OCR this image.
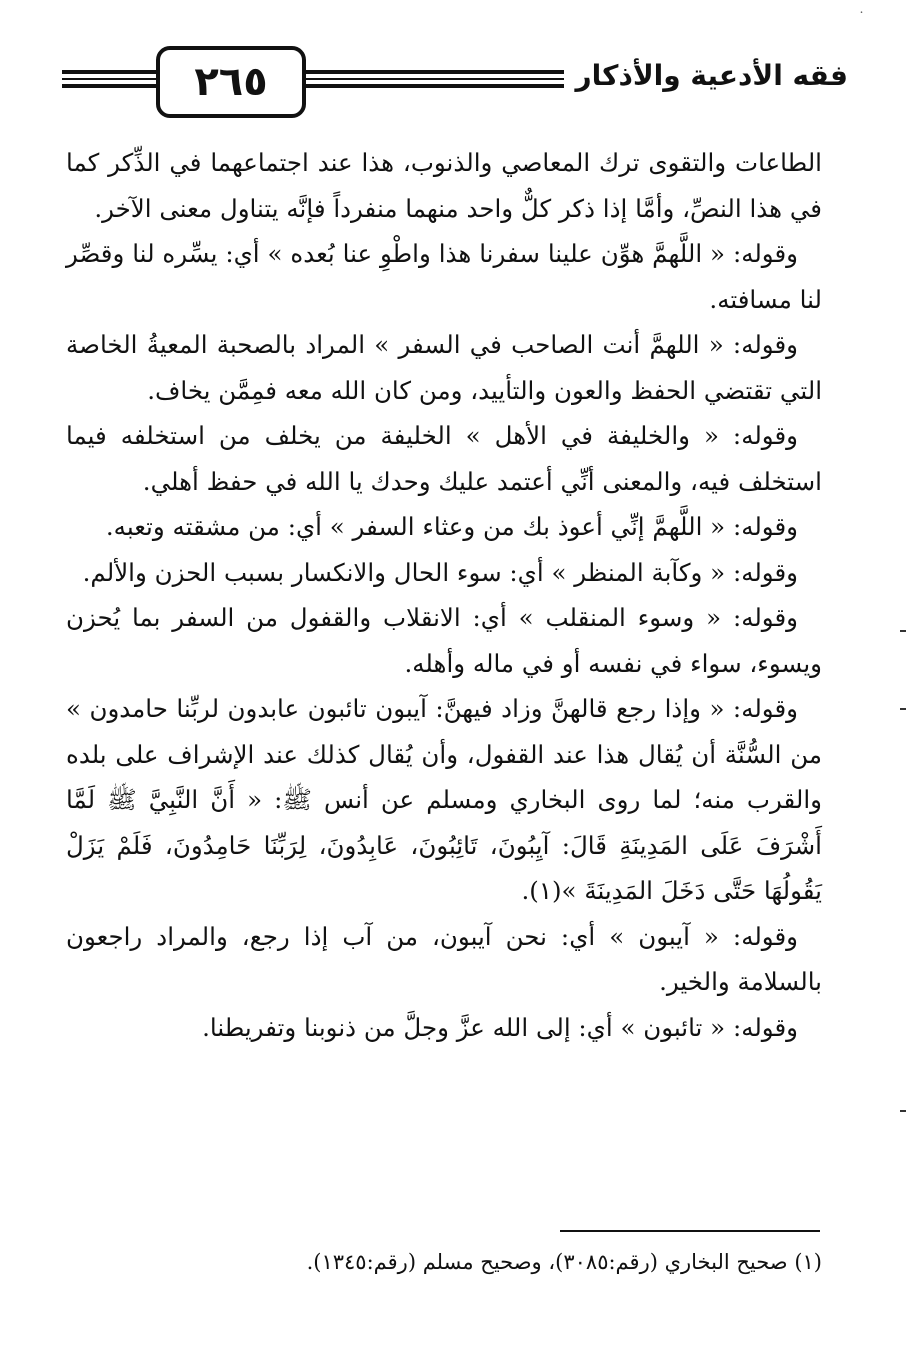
˙
فقه الأدعية والأذكار
٢٦٥

الطاعات والتقوى ترك المعاصي والذنوب، هذا عند اجتماعهما في الذِّكر كما في هذا النصِّ، وأمَّا إذا ذكر كلٌّ واحد منهما منفرداً فإنَّه يتناول معنى الآخر.

وقوله: « اللَّهمَّ هوِّن علينا سفرنا هذا واطْوِ عنا بُعده » أي: يسِّره لنا وقصِّر لنا مسافته.

وقوله: « اللهمَّ أنت الصاحب في السفر » المراد بالصحبة المعيةُ الخاصة التي تقتضي الحفظ والعون والتأييد، ومن كان الله معه فمِمَّن يخاف.

وقوله: « والخليفة في الأهل » الخليفة من يخلف من استخلفه فيما استخلف فيه، والمعنى أنِّي أعتمد عليك وحدك يا الله في حفظ أهلي.

وقوله: « اللَّهمَّ إنِّي أعوذ بك من وعثاء السفر » أي: من مشقته وتعبه.

وقوله: « وكآبة المنظر » أي: سوء الحال والانكسار بسبب الحزن والألم.

وقوله: « وسوء المنقلب » أي: الانقلاب والقفول من السفر بما يُحزن ويسوء، سواء في نفسه أو في ماله وأهله.

وقوله: « وإذا رجع قالهنَّ وزاد فيهنَّ: آيبون تائبون عابدون لربِّنا حامدون » من السُّنَّة أن يُقال هذا عند القفول، وأن يُقال كذلك عند الإشراف على بلده والقرب منه؛ لما روى البخاري ومسلم عن أنس ﷺ: « أَنَّ النَّبِيَّ ﷺ لَمَّا أَشْرَفَ عَلَى المَدِينَةِ قَالَ: آيِبُونَ، تَائِبُونَ، عَابِدُونَ، لِرَبِّنَا حَامِدُونَ، فَلَمْ يَزَلْ يَقُولُهَا حَتَّى دَخَلَ المَدِينَةَ »(١).

وقوله: « آيبون » أي: نحن آيبون، من آب إذا رجع، والمراد راجعون بالسلامة والخير.

وقوله: « تائبون » أي: إلى الله عزَّ وجلَّ من ذنوبنا وتفريطنا.

(١) صحيح البخاري (رقم:٣٠٨٥)، وصحيح مسلم (رقم:١٣٤٥).
